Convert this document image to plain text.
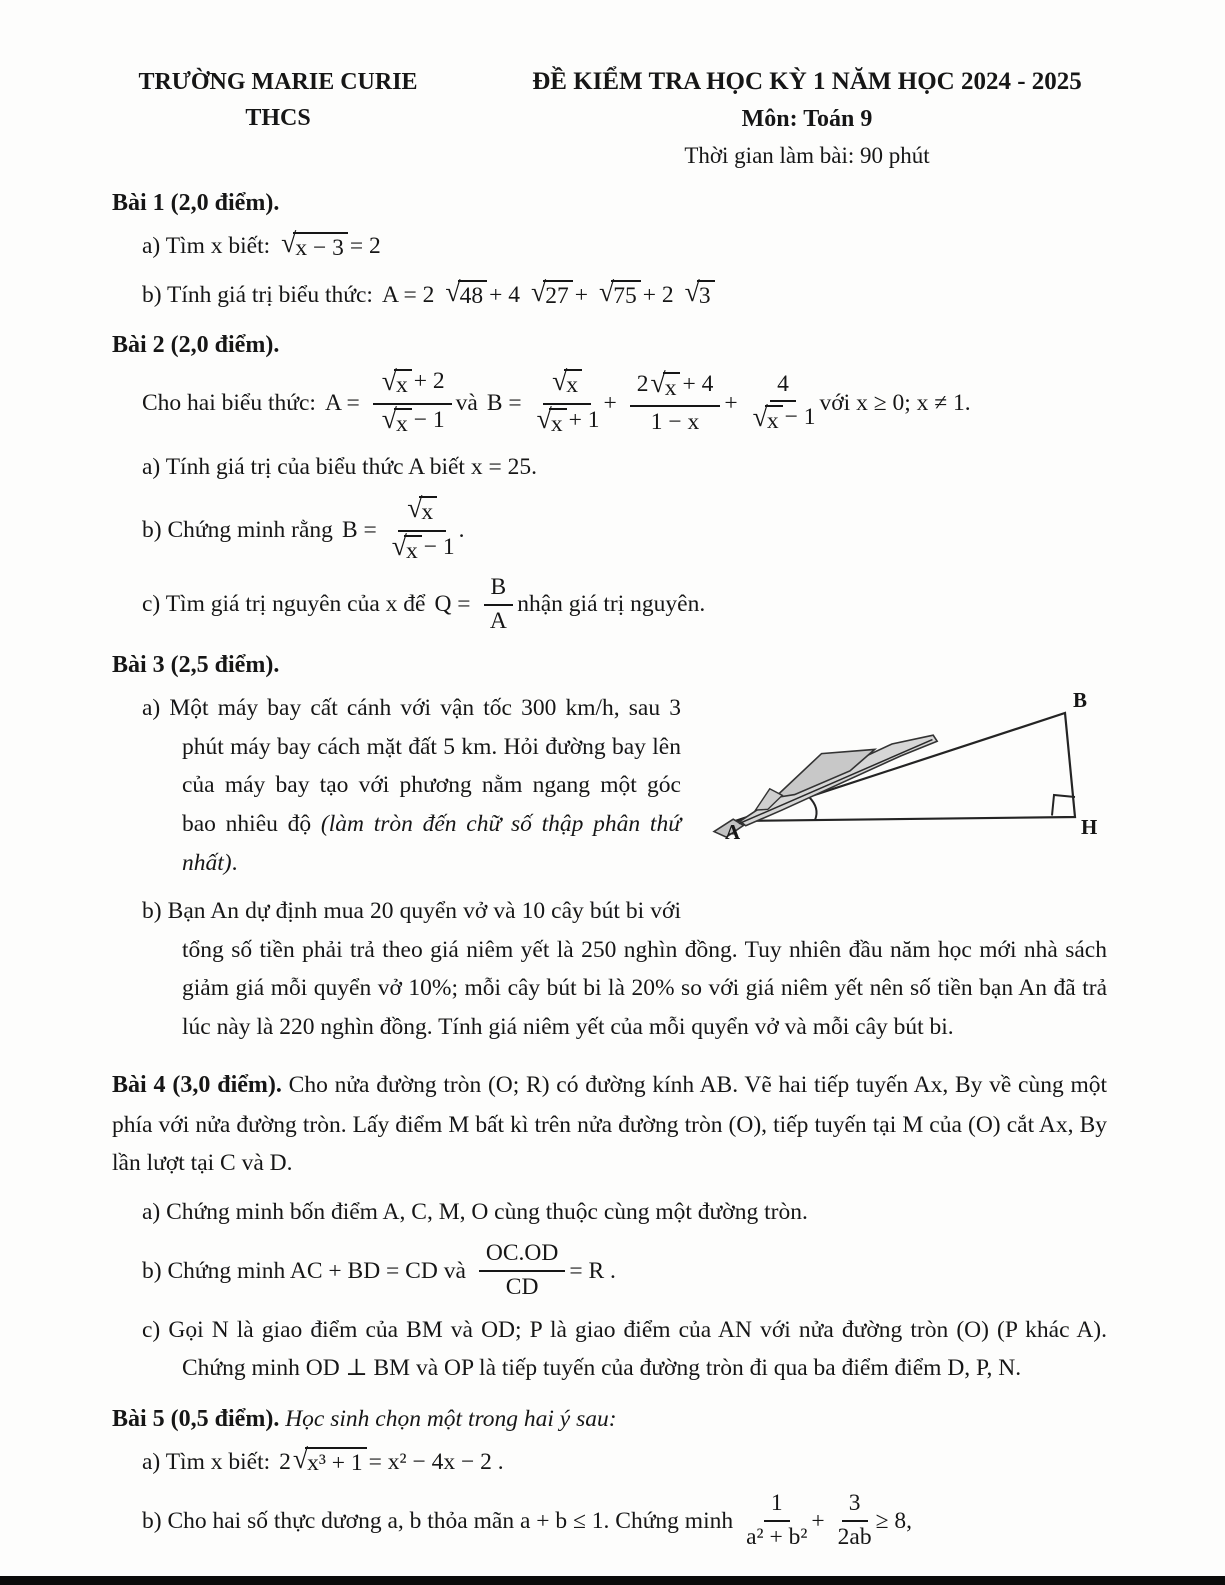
TRƯỜNG MARIE CURIE
THCS
ĐỀ KIỂM TRA HỌC KỲ 1 NĂM HỌC 2024 - 2025
Môn: Toán 9
Thời gian làm bài: 90 phút
Bài 1 (2,0 điểm).
a) Tìm x biết: √ x − 3 = 2
b) Tính giá trị biểu thức: A = 2 √ 48 + 4 √ 27 + √ 75 + 2 √ 3
Bài 2 (2,0 điểm).
Cho hai biểu thức: $A = \frac{√ x + 2}{√ x - 1}$ và $B = \frac{√ x}{√ x + 1} + \frac{2 √ x + 4}{1 - x} + \frac{4}{√ x - 1}$ với x ≥ 0; x ≠ 1.
a) Tính giá trị của biểu thức A biết x = 25.
b) Chứng minh rằng $B = \frac{√ x}{√ x - 1}$ .
c) Tìm giá trị nguyên của x để $Q = \frac{B}{A}$ nhận giá trị nguyên.
Bài 3 (2,5 điểm).
A	H
B
a) Một máy bay cất cánh với vận tốc 300 km/h, sau 3 phút máy bay cách mặt đất 5 km. Hỏi đường bay lên của máy bay tạo với phương nằm ngang một góc bao nhiêu độ (làm tròn đến chữ số thập phân thứ nhất).
b) Bạn An dự định mua 20 quyển vở và 10 cây bút bi với tổng số tiền phải trả theo giá niêm yết là 250 nghìn đồng. Tuy nhiên đầu năm học mới nhà sách giảm giá mỗi quyển vở 10%; mỗi cây bút bi là 20% so với giá niêm yết nên số tiền bạn An đã trả lúc này là 220 nghìn đồng. Tính giá niêm yết của mỗi quyển vở và mỗi cây bút bi.
Bài 4 (3,0 điểm). Cho nửa đường tròn (O; R) có đường kính AB. Vẽ hai tiếp tuyến Ax, By về cùng một phía với nửa đường tròn. Lấy điểm M bất kì trên nửa đường tròn (O), tiếp tuyến tại M của (O) cắt Ax, By lần lượt tại C và D.
a) Chứng minh bốn điểm A, C, M, O cùng thuộc cùng một đường tròn.
b) Chứng minh AC + BD = CD và $\frac{OC.OD}{CD} = R$ .
c) Gọi N là giao điểm của BM và OD; P là giao điểm của AN với nửa đường tròn (O) (P khác A). Chứng minh OD ⊥ BM và OP là tiếp tuyến của đường tròn đi qua ba điểm điểm D, P, N.
Bài 5 (0,5 điểm). Học sinh chọn một trong hai ý sau:
a) Tìm x biết: 2 √ x³ + 1 = x² − 4x − 2 .
b) Cho hai số thực dương a, b thỏa mãn a + b ≤ 1. Chứng minh $\frac{1}{\text{a² + b²}} + \frac{3}{2ab} \ge 8$,
